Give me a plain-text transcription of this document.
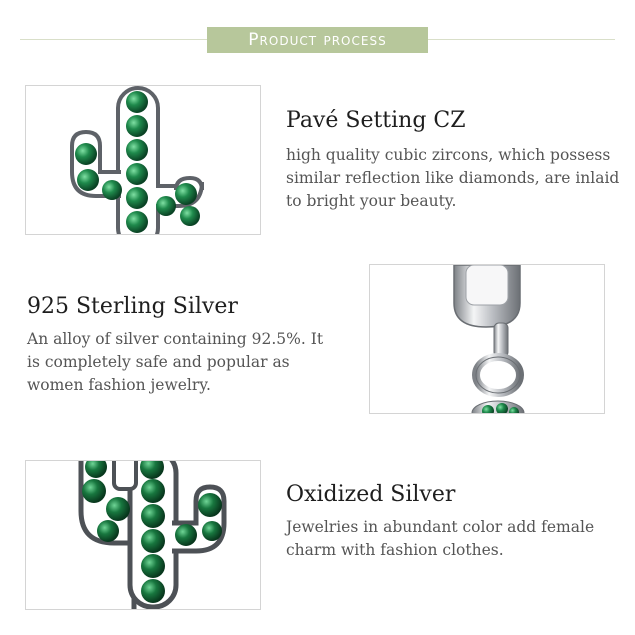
Product process
Pavé Setting CZ
high quality cubic zircons, which possess
similar reflection like diamonds, are inlaid
to bright your beauty.
925 Sterling Silver
An alloy of silver containing 92.5%. It
is completely safe and popular as
women fashion jewelry.
Oxidized Silver
Jewelries in abundant color add female
charm with fashion clothes.
